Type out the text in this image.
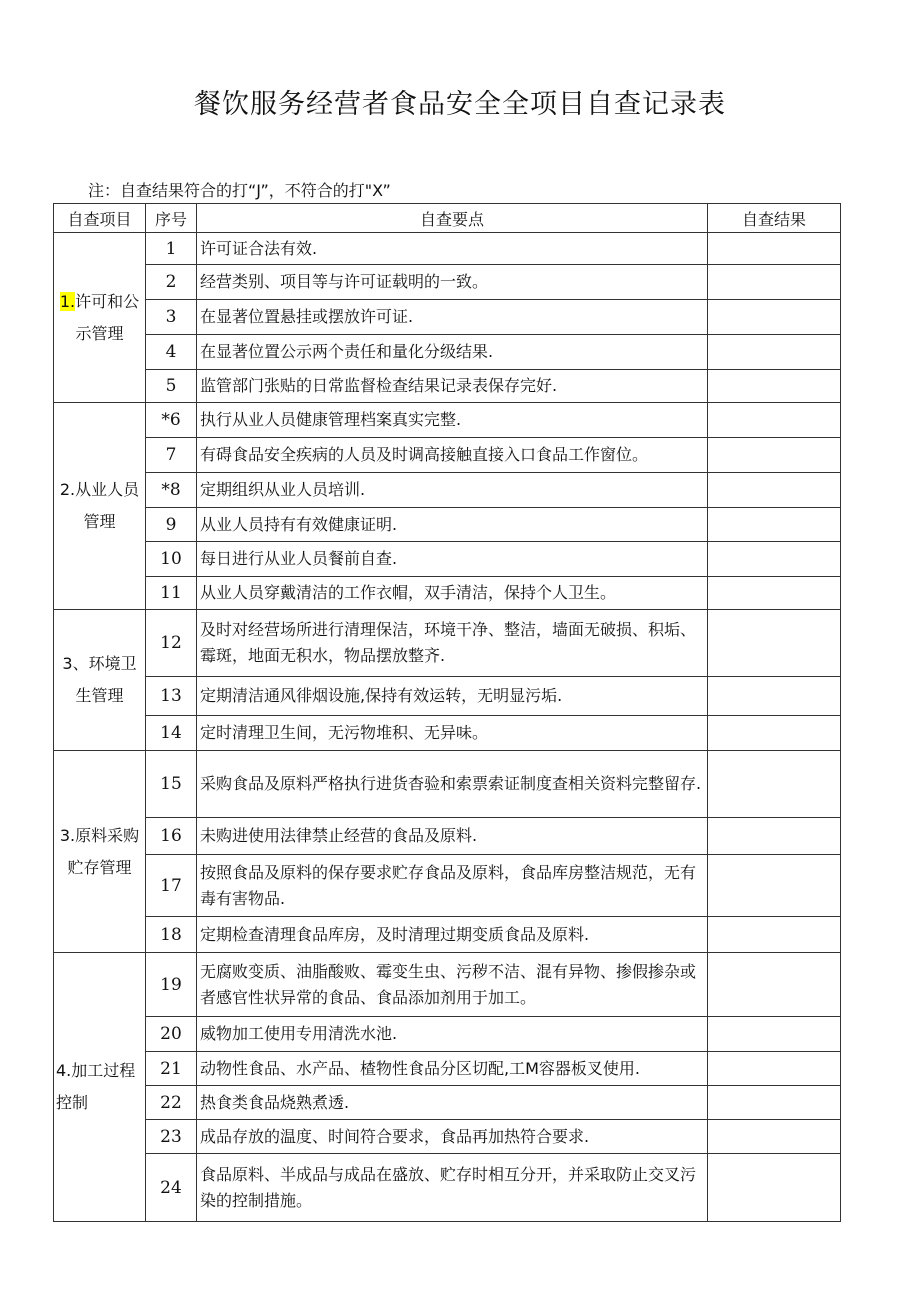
餐饮服务经营者食品安全全项目自查记录表
注：自查结果符合的打“J”，不符合的打"X”
自查项目	序号	自查要点	自查结果
1.许可和公示管理	1	许可证合法有效.	
	2	经营类别、项目等与许可证载明的一致。	
	3	在显著位置悬挂或摆放许可证.	
	4	在显著位置公示两个责任和量化分级结果.	
	5	监管部门张贴的日常监督检查结果记录表保存完好.	
2.从业人员管理	*6	执行从业人员健康管理档案真实完整.	
	7	有碍食品安全疾病的人员及时调高接触直接入口食品工作窗位。	
	*8	定期组织从业人员培训.	
	9	从业人员持有有效健康证明.	
	10	每日进行从业人员餐前自查.	
	11	从业人员穿戴清洁的工作衣帽，双手清洁，保持个人卫生。	
3、环境卫生管理	12	及时对经营场所进行清理保洁，环境干净、整洁，墙面无破损、积垢、霉斑，地面无积水，物品摆放整齐.	
	13	定期清洁通风徘烟设施,保持有效运转，无明显污垢.	
	14	定时清理卫生间，无污物堆积、无异味。	
3.原料采购贮存管理	15	采购食品及原料严格执行进货杳验和索票索证制度查相关资料完整留存.	
	16	未购进使用法律禁止经营的食品及原料.	
	17	按照食品及原料的保存要求贮存食品及原料，食品库房整洁规范，无有毒有害物品.	
	18	定期检查清理食品库房，及时清理过期变质食品及原料.	
4.加工过程控制	19	无腐败变质、油脂酸败、霉变生虫、污秽不洁、混有异物、掺假掺杂或者感官性状异常的食品、食品添加剂用于加工。	
	20	威物加工使用专用清洗水池.	
	21	动物性食品、水产品、楂物性食品分区切配,工M容器板叉使用.	
	22	热食类食品烧熟煮透.	
	23	成品存放的温度、时间符合要求，食品再加热符合要求.	
	24	食品原料、半成品与成品在盛放、贮存时相互分开，并采取防止交叉污染的控制措施。	
